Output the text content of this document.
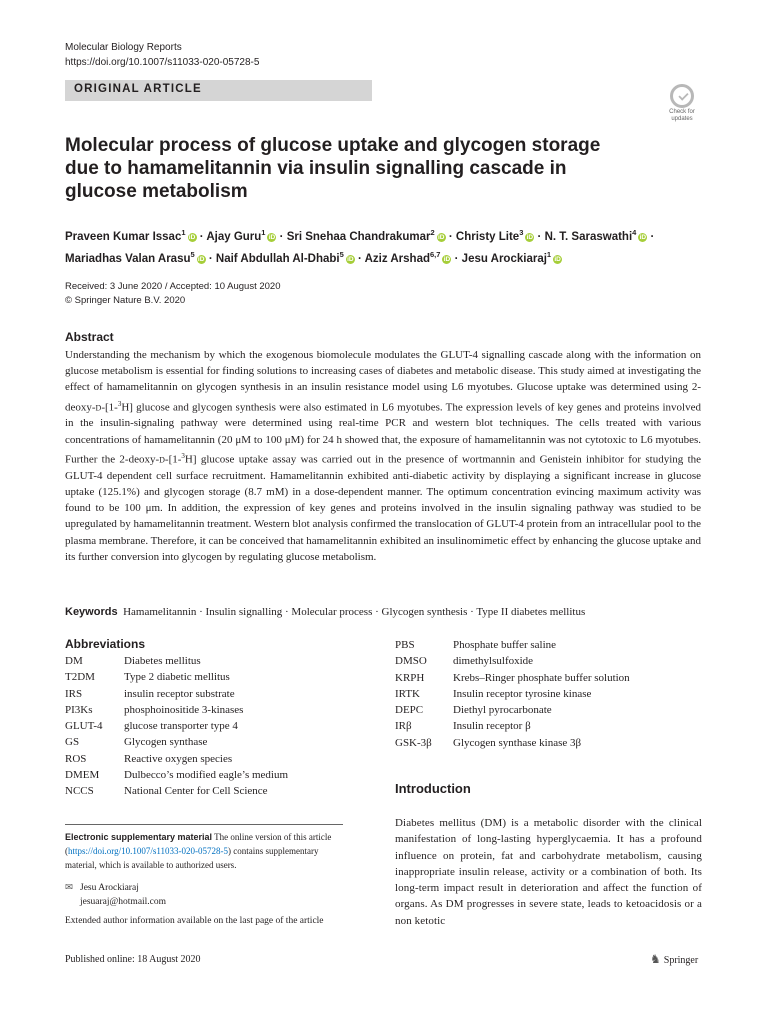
Molecular Biology Reports
https://doi.org/10.1007/s11033-020-05728-5
ORIGINAL ARTICLE
Check for updates
Molecular process of glucose uptake and glycogen storage due to hamamelitannin via insulin signalling cascade in glucose metabolism
Praveen Kumar Issac$^1$iD · Ajay Guru$^1$iD · Sri Snehaa Chandrakumar$^2$iD · Christy Lite$^3$iD · N. T. Saraswathi$^4$iD ·
Mariadhas Valan Arasu$^5$iD · Naif Abdullah Al‑Dhabi$^5$iD · Aziz Arshad$^{6,7}$iD · Jesu Arockiaraj$^1$iD
Received: 3 June 2020 / Accepted: 10 August 2020
© Springer Nature B.V. 2020
Abstract
Understanding the mechanism by which the exogenous biomolecule modulates the GLUT-4 signalling cascade along with the information on glucose metabolism is essential for finding solutions to increasing cases of diabetes and metabolic disease. This study aimed at investigating the effect of hamamelitannin on glycogen synthesis in an insulin resistance model using L6 myotubes. Glucose uptake was determined using 2-deoxy-d-[1-$^3$H] glucose and glycogen synthesis were also estimated in L6 myotubes. The expression levels of key genes and proteins involved in the insulin-signaling pathway were determined using real-time PCR and western blot techniques. The cells treated with various concentrations of hamamelitannin (20 μM to 100 μM) for 24 h showed that, the exposure of hamamelitannin was not cytotoxic to L6 myotubes. Further the 2-deoxy-d-[1-$^3$H] glucose uptake assay was carried out in the presence of wortmannin and Genistein inhibitor for studying the GLUT-4 dependent cell surface recruitment. Hamamelitannin exhibited anti-diabetic activity by displaying a significant increase in glucose uptake (125.1%) and glycogen storage (8.7 mM) in a dose-dependent manner. The optimum concentration evincing maximum activity was found to be 100 μm. In addition, the expression of key genes and proteins involved in the insulin signaling pathway was studied to be upregulated by hamamelitannin treatment. Western blot analysis confirmed the translocation of GLUT-4 protein from an intracellular pool to the plasma membrane. Therefore, it can be conceived that hamamelitannin exhibited an insulinomimetic effect by enhancing the glucose uptake and its further conversion into glycogen by regulating glucose metabolism.
Keywords Hamamelitannin · Insulin signalling · Molecular process · Glycogen synthesis · Type II diabetes mellitus
Abbreviations
DM	Diabetes mellitus
T2DM	Type 2 diabetic mellitus
IRS	insulin receptor substrate
PI3Ks	phosphoinositide 3-kinases
GLUT-4	glucose transporter type 4
GS	Glycogen synthase
ROS	Reactive oxygen species
DMEM	Dulbecco’s modified eagle’s medium
NCCS	National Center for Cell Science
PBS	Phosphate buffer saline
DMSO	dimethylsulfoxide
KRPH	Krebs–Ringer phosphate buffer solution
IRTK	Insulin receptor tyrosine kinase
DEPC	Diethyl pyrocarbonate
IRβ	Insulin receptor β
GSK-3β	Glycogen synthase kinase 3β
Introduction
Diabetes mellitus (DM) is a metabolic disorder with the clinical manifestation of long-lasting hyperglycaemia. It has a profound influence on protein, fat and carbohydrate metabolism, causing inappropriate insulin release, activity or a combination of both. Its long-term impact result in deterioration and affect the function of organs. As DM progresses in severe state, leads to ketoacidosis or a non ketotic
Electronic supplementary material The online version of this article (https://doi.org/10.1007/s11033-020-05728-5) contains supplementary material, which is available to authorized users.
✉ Jesu Arockiaraj
jesuaraj@hotmail.com
Extended author information available on the last page of the article
Published online: 18 August 2020	♞ Springer
